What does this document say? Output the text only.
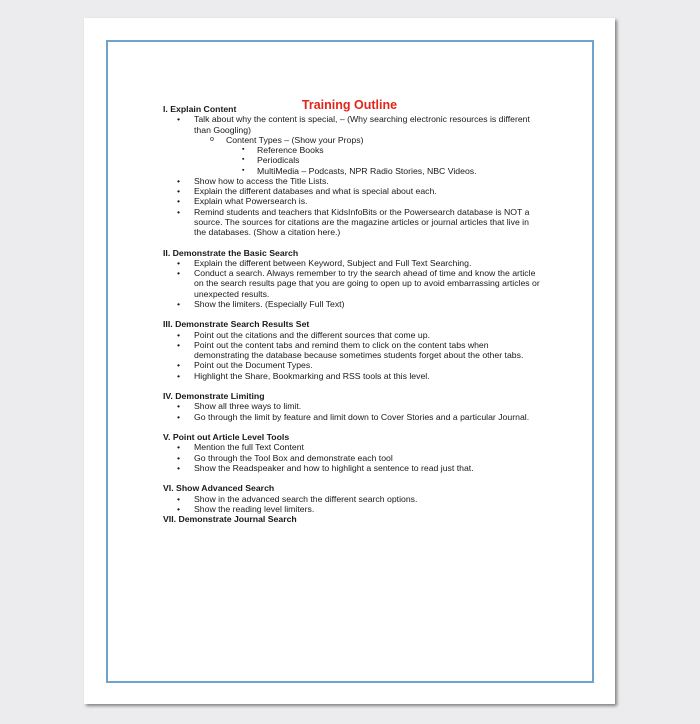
Training Outline
I. Explain Content
•
Talk about why the content is special, – (Why searching electronic resources is different than Googling)
o
Content Types – (Show your Props)
▪
Reference Books
▪
Periodicals
▪
MultiMedia – Podcasts, NPR Radio Stories, NBC Videos.
•
Show how to access the Title Lists.
•
Explain the different databases and what is special about each.
•
Explain what Powersearch is.
•
Remind students and teachers that KidsInfoBits or the Powersearch database is NOT a source. The sources for citations are the magazine articles or journal articles that live in the databases. (Show a citation here.)
II. Demonstrate the Basic Search
•
Explain the different between Keyword, Subject and Full Text Searching.
•
Conduct a search. Always remember to try the search ahead of time and know the article on the search results page that you are going to open up to avoid embarrassing articles or unexpected results.
•
Show the limiters. (Especially Full Text)
III. Demonstrate Search Results Set
•
Point out the citations and the different sources that come up.
•
Point out the content tabs and remind them to click on the content tabs when demonstrating the database because sometimes students forget about the other tabs.
•
Point out the Document Types.
•
Highlight the Share, Bookmarking and RSS tools at this level.
IV. Demonstrate Limiting
•
Show all three ways to limit.
•
Go through the limit by feature and limit down to Cover Stories and a particular Journal.
V. Point out Article Level Tools
•
Mention the full Text Content
•
Go through the Tool Box and demonstrate each tool
•
Show the Readspeaker and how to highlight a sentence to read just that.
VI. Show Advanced Search
•
Show in the advanced search the different search options.
•
Show the reading level limiters.
VII. Demonstrate Journal Search
